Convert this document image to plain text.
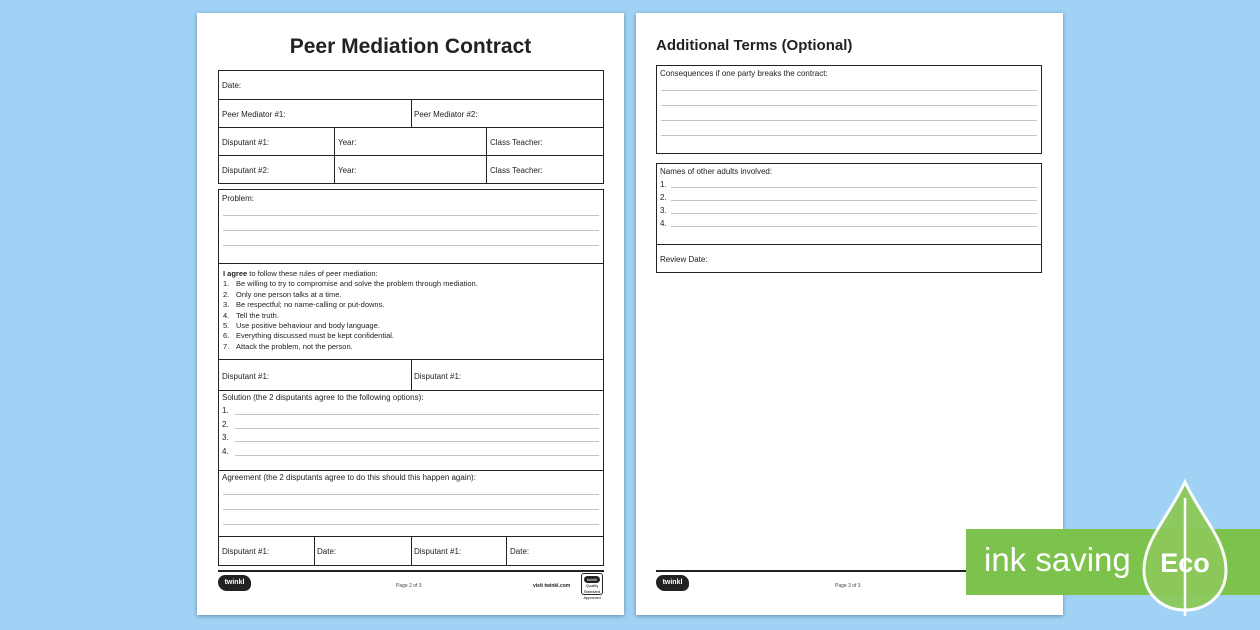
Peer Mediation Contract
Date:
Peer Mediator #1:	Peer Mediator #2:
Disputant #1:	Year:	Class Teacher:
Disputant #2:	Year:	Class Teacher:
Problem:
I agree to follow these rules of peer mediation:
1. Be willing to try to compromise and solve the problem through mediation.
2. Only one person talks at a time.
3. Be respectful; no name-calling or put-downs.
4. Tell the truth.
5. Use positive behaviour and body language.
6. Everything discussed must be kept confidential.
7. Attack the problem, not the person.
Disputant #1:	Disputant #1:
Solution (the 2 disputants agree to the following options):
1.
2.
3.
4.
Agreement (the 2 disputants agree to do this should this happen again):
Disputant #1:	Date:	Disputant #1:	Date:
twinkl	Page 2 of 3	visit twinkl.com
twinkl
Quality Standard Approved
Additional Terms (Optional)
Consequences if one party breaks the contract:
Names of other adults involved:
1.
2.
3.
4.
Review Date:
twinkl	Page 3 of 3
ink saving Eco
